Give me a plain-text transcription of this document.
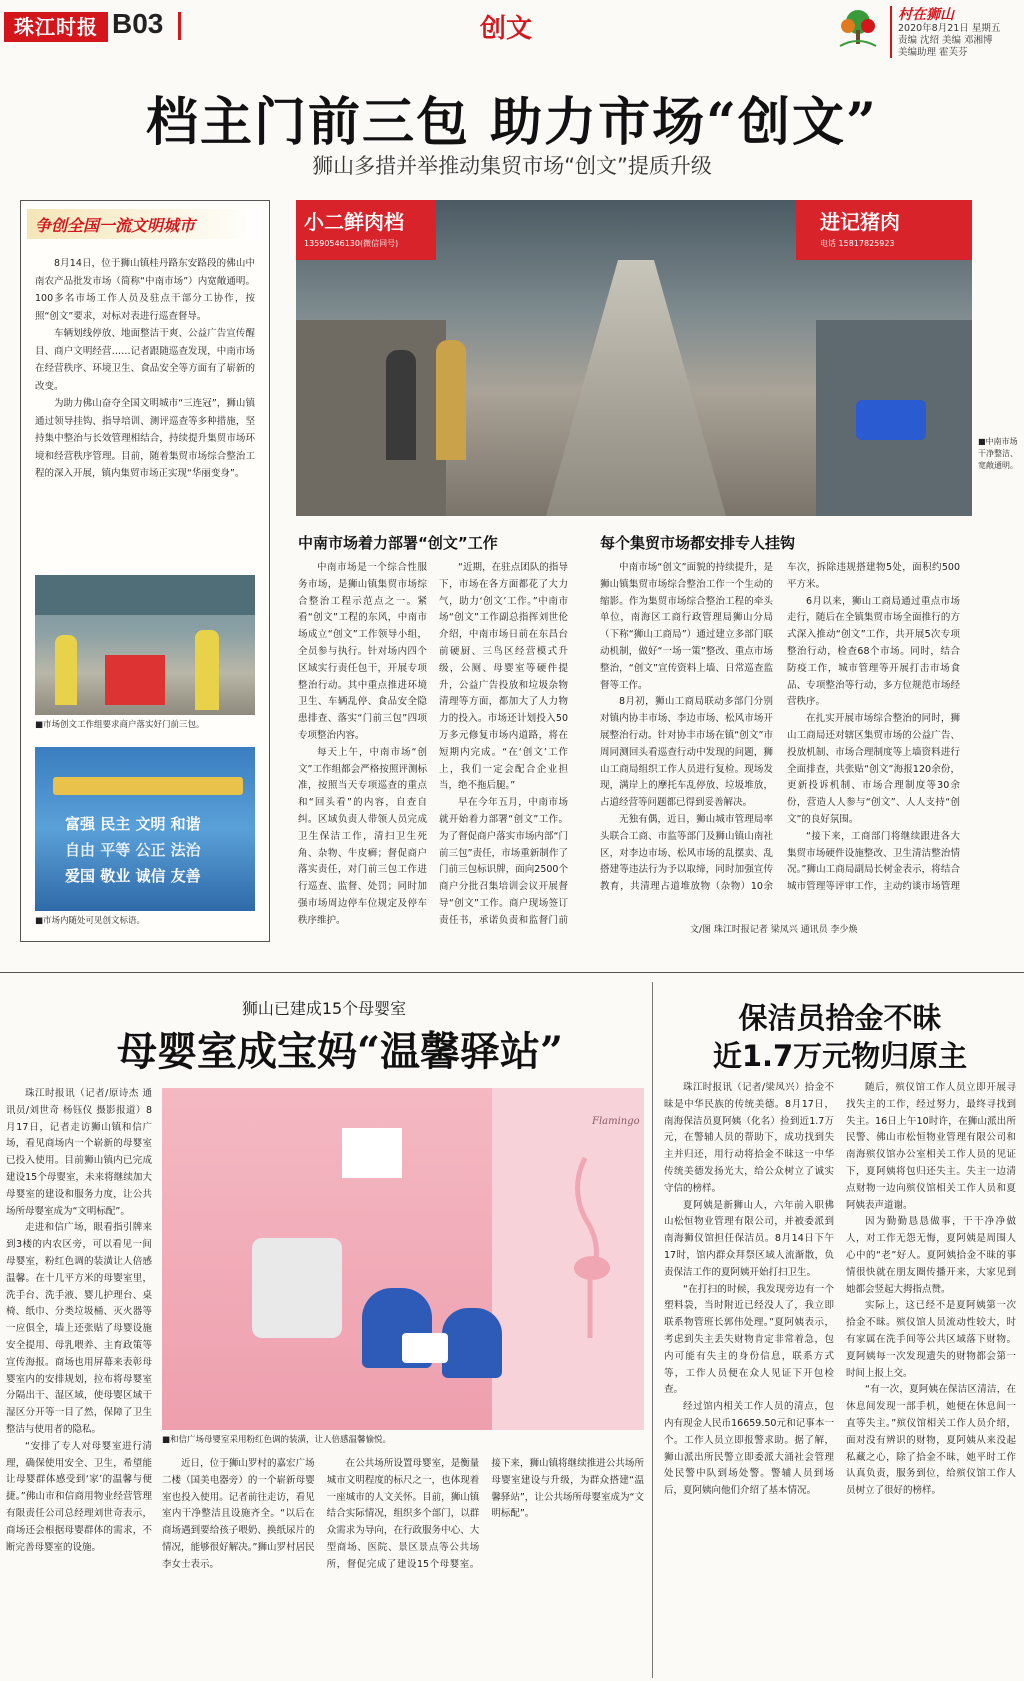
珠江时报 B03	创文	村在狮山
2020年8月21日 星期五
责编 沈绍 美编 邓湘博
美编助理 霍芙芬
档主门前三包 助力市场“创文”
狮山多措并举推动集贸市场“创文”提质升级
争创全国一流文明城市

8月14日，位于狮山镇桂丹路东安路段的佛山中南农产品批发市场（简称“中南市场”）内宽敞通明。100多名市场工作人员及驻点干部分工协作，按照“创文”要求，对标对表进行巡查督导。

车辆划线停放、地面整洁干爽、公益广告宣传醒目、商户文明经营……记者跟随巡查发现，中南市场在经营秩序、环境卫生、食品安全等方面有了崭新的改变。

为助力佛山奋夺全国文明城市“三连冠”，狮山镇通过领导挂钩、指导培训、测评巡查等多种措施，坚持集中整治与长效管理相结合，持续提升集贸市场环境和经营秩序管理。目前，随着集贸市场综合整治工程的深入开展，镇内集贸市场正实现“华丽变身”。

■市场创文工作组要求商户落实好门前三包。
富强 民主 文明 和谐
自由 平等 公正 法治
爱国 敬业 诚信 友善
■市场内随处可见创文标语。
小二鲜肉档
13590546130(微信同号)
进记猪肉
电话 15817825923
■中南市场干净整洁、宽敞通明。
中南市场着力部署“创文”工作

中南市场是一个综合性服务市场，是狮山镇集贸市场综合整治工程示范点之一。紧看“创文”工程的东风，中南市场成立“创文”工作领导小组，全员参与执行。针对场内四个区域实行责任包干，开展专项整治行动。其中重点推进环境卫生、车辆乱停、食品安全隐患排查、落实“门前三包”四项专项整治内容。

每天上午，中南市场“创文”工作组都会严格按照评测标准，按照当天专项巡查的重点和“回头看”的内容，自查自纠。区域负责人带领人员完成卫生保洁工作，清扫卫生死角、杂物、牛皮癣；督促商户落实责任，对门前三包工作进行巡查、监督、处罚；同时加强市场周边停车位规定及停车秩序维护。

“近期，在驻点团队的指导下，市场在各方面都花了大力气，助力‘创文’工作。”中南市场“创文”工作副总指挥刘世伦介绍，中南市场日前在东昌台前硬厨、三鸟区经营模式升级，公厕、母婴室等硬件提升，公益广告投放和垃圾杂物清理等方面，都加大了人力物力的投入。市场还计划投入50万多元修复市场内道路，将在短期内完成。“在‘创文’工作上，我们一定会配合企业担当，绝不拖后腿。”

早在今年五月，中南市场就开始着力部署“创文”工作。为了督促商户落实市场内部“门前三包”责任，市场重新制作了门前三包标识牌，面向2500个商户分批召集培训会议开展督导“创文”工作。商户现场签订责任书，承诺负责和监督门前

每个集贸市场都安排专人挂钩

中南市场“创文”面貌的持续提升，是狮山镇集贸市场综合整治工作一个生动的缩影。作为集贸市场综合整治工程的牵头单位，南海区工商行政管理局狮山分局（下称“狮山工商局”）通过建立多部门联动机制，做好“一场一策”整改、重点市场整治，“创文”宣传资料上墙、日常巡查监督等工作。

8月初，狮山工商局联动多部门分别对镇内协丰市场、李边市场、松风市场开展整治行动。针对协丰市场在镇“创文”市周同测回头看巡查行动中发现的问题，狮山工商局组织工作人员进行复检。现场发现，满岸上的摩托车乱停放、垃圾堆放，占道经营等问题都已得到妥善解决。

无独有偶，近日，狮山城市管理局率头联合工商、市监等部门及狮山镇山南社区，对李边市场、松风市场的乱摆卖、乱搭建等违法行为予以取缔，同时加强宣传教育，共清理占道堆放物（杂物）10余车次，拆除违规搭建物5处，面积约500平方米。

6月以来，狮山工商局通过重点市场走行，随后在全镇集贸市场全面推行的方式深入推动“创文”工作，共开展5次专项整治行动，检查68个市场。同时，结合防疫工作，城市管理等开展打击市场食品、专项整治等行动，多方位规范市场经营秩序。

在扎实开展市场综合整治的同时，狮山工商局还对辖区集贸市场的公益广告、投放机制、市场合理制度等上墙资料进行全面排查，共张贴“创文”海报120余份，更新投诉机制、市场合理制度等30余份，营造人人参与“创文”、人人支持“创文”的良好氛围。

“接下来，工商部门将继续跟进各大集贸市场硬件设施整改、卫生清洁整治情况。”狮山工商局副局长树金表示，将结合城市管理等评审工作，主动约谈市场管理

文/图 珠江时报记者 梁凤兴 通讯员 李少焕
狮山已建成15个母婴室
母婴室成宝妈“温馨驿站”

珠江时报讯（记者/原诗杰 通讯员/刘世奇 杨钰仪 摄影报道）8月17日，记者走访狮山镇和信广场，看见商场内一个崭新的母婴室已投入使用。目前狮山镇内已完成建设15个母婴室，未来将继续加大母婴室的建设和服务力度，让公共场所母婴室成为“文明标配”。

走进和信广场，眼看指引牌来到3楼的内农区旁，可以看见一间母婴室，粉红色调的装潢让人倍感温馨。在十几平方米的母婴室里，洗手台、洗手液、婴儿护理台、桌椅、纸巾、分类垃圾桶、灭火器等一应俱全，墙上还张贴了母婴设施安全提用、母乳喂养、主育政策等宣传海报。商场也用屏幕来表彰母婴室内的安排规划，拉布将母婴室分隔出干、湿区域，使母婴区域干湿区分开等一目了然，保障了卫生整洁与使用者的隐私。

“安排了专人对母婴室进行清理，确保使用安全、卫生，希望能让母婴群体感受到‘家’的温馨与便捷。”佛山市和信商用物业经营管理有限责任公司总经理刘世奇表示，商场还会根据母婴群体的需求，不断完善母婴室的设施。

Flamingo
■和信广场母婴室采用粉红色调的装潢，让人倍感温馨愉悦。

近日，位于狮山罗村的嘉宏广场二楼（国美电器旁）的一个崭新母婴室也投入使用。记者前往走访，看见室内干净整洁且设施齐全。“以后在商场遇到要给孩子喂奶、换纸尿片的情况，能够很好解决。”狮山罗村居民李女士表示。

在公共场所设置母婴室，是衡量城市文明程度的标尺之一，也体现着一座城市的人文关怀。目前，狮山镇结合实际情况，组织多个部门，以群众需求为导向，在行政服务中心、大型商场、医院、景区景点等公共场所，督促完成了建设15个母婴室。接下来，狮山镇将继续推进公共场所母婴室建设与升级，为群众搭建“温馨驿站”，让公共场所母婴室成为“文明标配”。

保洁员拾金不昧
近1.7万元物归原主

珠江时报讯（记者/梁凤兴）拾金不昧是中华民族的传统美德。8月17日，南海保洁员夏阿姨（化名）捡到近1.7万元，在警辅人员的帮助下，成功找到失主并归还，用行动将拾金不昧这一中华传统美德发扬光大，给公众树立了诚实守信的榜样。

夏阿姨是新狮山人，六年前入职佛山松恒物业管理有限公司，并被委派到南海狮仪馆担任保洁员。8月14日下午17时，馆内群众拜祭区域人流渐散，负责保洁工作的夏阿姨开始打扫卫生。

“在打扫的时候，我发现旁边有一个塑料袋，当时附近已经没人了，我立即联系物管班长郭伟处理。”夏阿姨表示，考虑到失主丢失财物肯定非常着急，包内可能有失主的身份信息，联系方式等，工作人员便在众人见证下开包检查。

经过馆内相关工作人员的清点，包内有现金人民币16659.50元和记事本一个。工作人员立即报警求助。据了解，狮山派出所民警立即委派大涌社会管理处民警中队到场处警。警辅人员到场后，夏阿姨向他们介绍了基本情况。

随后，殡仪馆工作人员立即开展寻找失主的工作，经过努力，最终寻找到失主。16日上午10时许，在狮山派出所民警、佛山市松恒物业管理有限公司和南海殡仪馆办公室相关工作人员的见证下，夏阿姨将包归还失主。失主一边清点财物一边向殡仪馆相关工作人员和夏阿姨表声道谢。

因为勤勤恳恳做事，干干净净做人，对工作无怨无悔，夏阿姨是周围人心中的“老”好人。夏阿姨拾金不昧的事情很快就在朋友圈传播开来，大家见到她都会竖起大拇指点赞。

实际上，这已经不是夏阿姨第一次拾金不昧。殡仪馆人员流动性较大，时有家属在洗手间等公共区域落下财物。夏阿姨每一次发现遗失的财物都会第一时间上报上交。

“有一次，夏阿姨在保洁区清洁，在休息间发现一部手机，她便在休息间一直等失主。”殡仪馆相关工作人员介绍，面对没有辨识的财物，夏阿姨从来没起私藏之心，除了拾金不昧，她平时工作认真负责，服务到位，给殡仪馆工作人员树立了很好的榜样。
